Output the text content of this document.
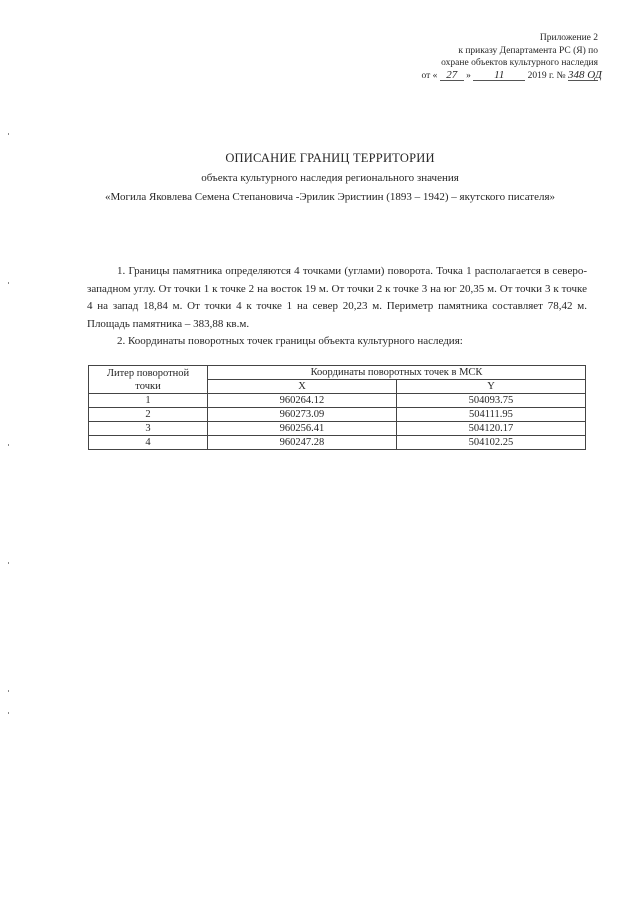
Приложение 2
к приказу Департамента РС (Я) по
охране объектов культурного наследия
от « 27 » 11 2019 г. № 348 ОД
ОПИСАНИЕ ГРАНИЦ ТЕРРИТОРИИ
объекта культурного наследия регионального значения
«Могила Яковлева Семена Степановича -Эрилик Эристиин (1893 – 1942) – якутского писателя»

1. Границы памятника определяются 4 точками (углами) поворота. Точка 1 располагается в северо-западном углу. От точки 1 к точке 2 на восток 19 м. От точки 2 к точке 3 на юг 20,35 м. От точки 3 к точке 4 на запад 18,84 м. От точки 4 к точке 1 на север 20,23 м. Периметр памятника составляет 78,42 м. Площадь памятника – 383,88 кв.м.

2. Координаты поворотных точек границы объекта культурного наследия:

Литер поворотной точки	Координаты поворотных точек в МСК	
	X	Y
1	960264.12	504093.75
2	960273.09	504111.95
3	960256.41	504120.17
4	960247.28	504102.25
